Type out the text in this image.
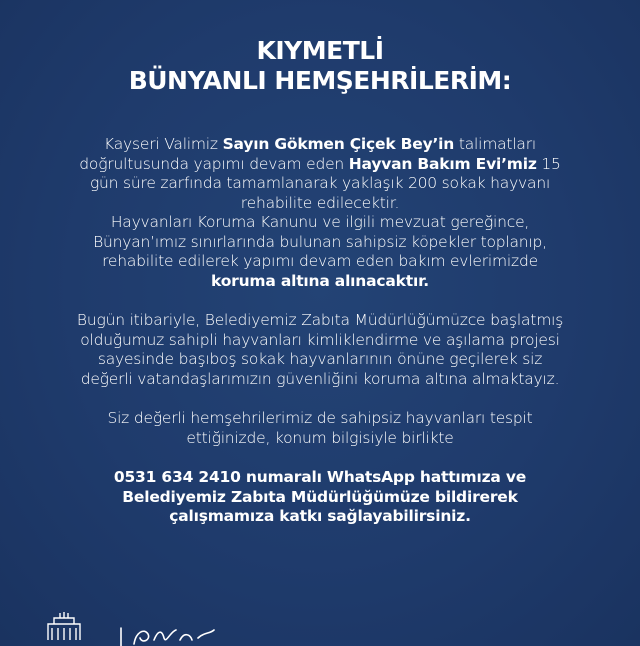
KIYMETLİ
BÜNYANLI HEMŞEHRİLERİM:

Kayseri Valimiz Sayın Gökmen Çiçek Bey’in talimatları
doğrultusunda yapımı devam eden Hayvan Bakım Evi’miz 15
gün süre zarfında tamamlanarak yaklaşık 200 sokak hayvanı
rehabilite edilecektir.
Hayvanları Koruma Kanunu ve ilgili mevzuat gereğince,
Bünyan’ımız sınırlarında bulunan sahipsiz köpekler toplanıp,
rehabilite edilerek yapımı devam eden bakım evlerimizde
koruma altına alınacaktır.

Bugün itibariyle, Belediyemiz Zabıta Müdürlüğümüzce başlatmış
olduğumuz sahipli hayvanları kimliklendirme ve aşılama projesi
sayesinde başıboş sokak hayvanlarının önüne geçilerek siz
değerli vatandaşlarımızın güvenliğini koruma altına almaktayız.

Siz değerli hemşehrilerimiz de sahipsiz hayvanları tespit
ettiğinizde, konum bilgisiyle birlikte

0531 634 2410 numaralı WhatsApp hattımıza ve
Belediyemiz Zabıta Müdürlüğümüze bildirerek
çalışmamıza katkı sağlayabilirsiniz.
